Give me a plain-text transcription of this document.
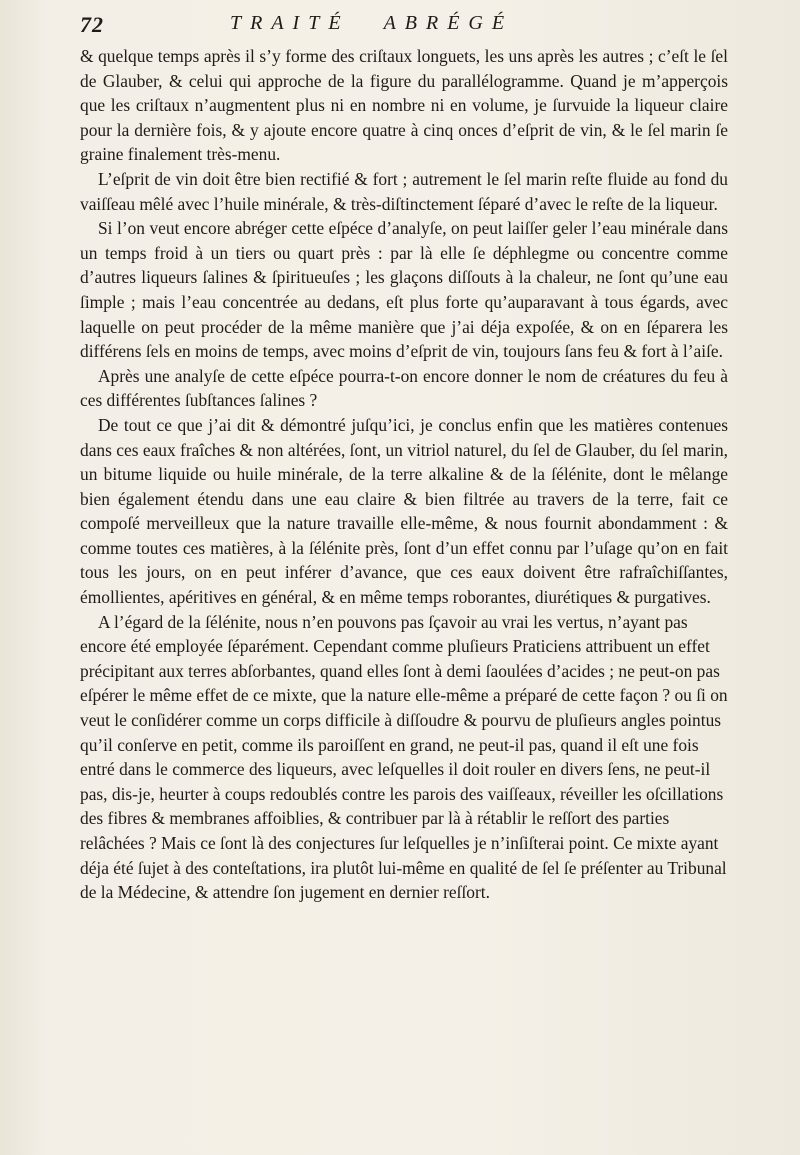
72	TRAITÉ ABRÉGÉ

& quelque temps après il s’y forme des criſtaux longuets, les uns après les autres ; c’eſt le ſel de Glauber, & celui qui approche de la figure du parallélogramme. Quand je m’apperçois que les criſtaux n’augmentent plus ni en nombre ni en volume, je ſurvuide la liqueur claire pour la dernière fois, & y ajoute encore quatre à cinq onces d’eſprit de vin, & le ſel marin ſe graine finalement très-menu.

L’eſprit de vin doit être bien rectifié & fort ; autrement le ſel marin reſte fluide au fond du vaiſſeau mêlé avec l’huile minérale, & très-diſtinctement ſéparé d’avec le reſte de la liqueur.

Si l’on veut encore abréger cette eſpéce d’analyſe, on peut laiſſer geler l’eau minérale dans un temps froid à un tiers ou quart près : par là elle ſe déphlegme ou concentre comme d’autres liqueurs ſalines & ſpiritueuſes ; les glaçons diſſouts à la chaleur, ne ſont qu’une eau ſimple ; mais l’eau concentrée au dedans, eſt plus forte qu’auparavant à tous égards, avec laquelle on peut procéder de la même manière que j’ai déja expoſée, & on en ſéparera les différens ſels en moins de temps, avec moins d’eſprit de vin, toujours ſans feu & fort à l’aiſe.

Après une analyſe de cette eſpéce pourra-t-on encore donner le nom de créatures du feu à ces différentes ſubſtances ſalines ?

De tout ce que j’ai dit & démontré juſqu’ici, je conclus enfin que les matières contenues dans ces eaux fraîches & non altérées, ſont, un vitriol naturel, du ſel de Glauber, du ſel marin, un bitume liquide ou huile minérale, de la terre alkaline & de la ſélénite, dont le mêlange bien également étendu dans une eau claire & bien filtrée au travers de la terre, fait ce compoſé merveilleux que la nature travaille elle-même, & nous fournit abondamment : & comme toutes ces matières, à la ſélénite près, ſont d’un effet connu par l’uſage qu’on en fait tous les jours, on en peut inférer d’avance, que ces eaux doivent être rafraîchiſſantes, émollientes, apéritives en général, & en même temps roborantes, diurétiques & purgatives.

A l’égard de la ſélénite, nous n’en pouvons pas ſçavoir au vrai les vertus, n’ayant pas encore été employée ſéparément. Cependant comme pluſieurs Praticiens attribuent un effet précipitant aux terres abſorbantes, quand elles ſont à demi ſaoulées d’acides ; ne peut-on pas eſpérer le même effet de ce mixte, que la nature elle-même a préparé de cette façon ? ou ſi on veut le conſidérer comme un corps difficile à diſſoudre & pourvu de pluſieurs angles pointus qu’il conſerve en petit, comme ils paroiſſent en grand, ne peut-il pas, quand il eſt une fois entré dans le commerce des liqueurs, avec leſquelles il doit rouler en divers ſens, ne peut-il pas, dis-je, heurter à coups redoublés contre les parois des vaiſſeaux, réveiller les oſcillations des fibres & membranes affoiblies, & contribuer par là à rétablir le reſſort des parties relâchées ? Mais ce ſont là des conjectures ſur leſquelles je n’inſiſterai point. Ce mixte ayant déja été ſujet à des conteſtations, ira plutôt lui-même en qualité de ſel ſe préſenter au Tribunal de la Médecine, & attendre ſon jugement en dernier reſſort.
